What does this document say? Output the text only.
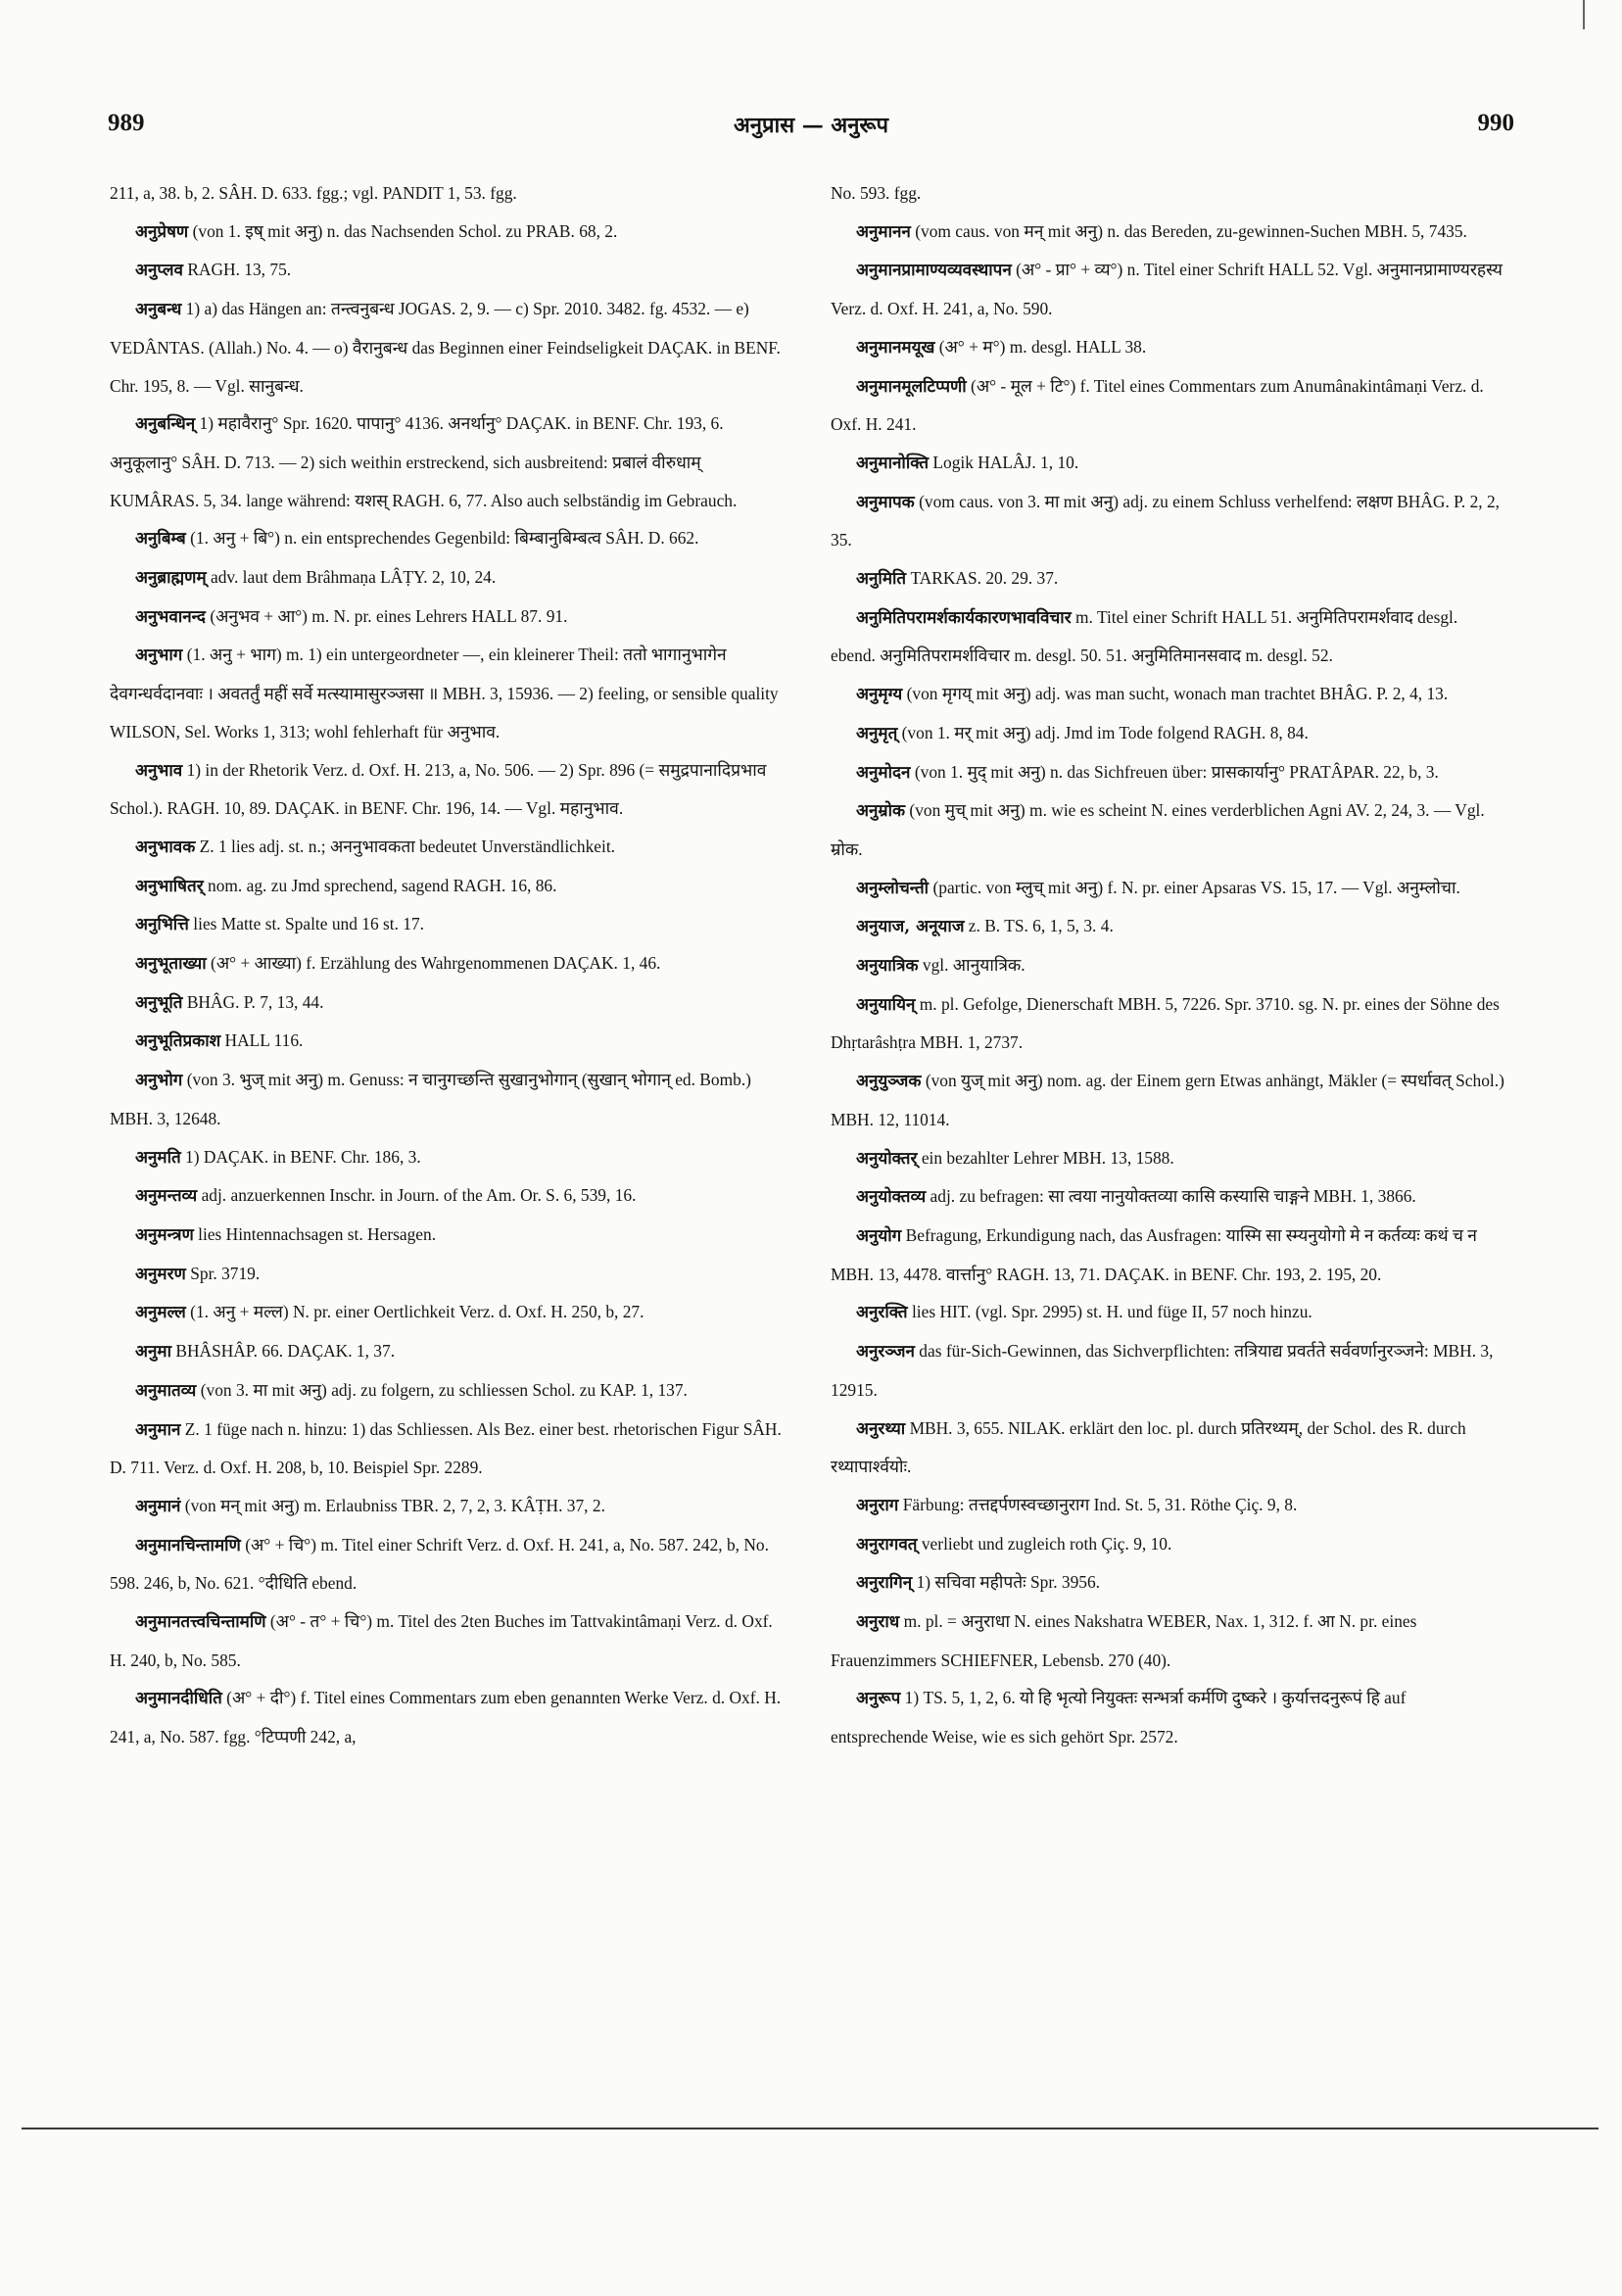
989	अनुप्रास — अनुरूप	990

211, a, 38. b, 2. SÂH. D. 633. fgg.; vgl. PANDIT 1, 53. fgg.

अनुप्रेषण (von 1. इष् mit अनु) n. das Nachsenden Schol. zu PRAB. 68, 2.

अनुप्लव RAGH. 13, 75.

अनुबन्ध 1) a) das Hängen an: तन्त्वनुबन्ध JOGAS. 2, 9. — c) Spr. 2010. 3482. fg. 4532. — e) VEDÂNTAS. (Allah.) No. 4. — o) वैरानुबन्ध das Beginnen einer Feindseligkeit DAÇAK. in BENF. Chr. 195, 8. — Vgl. सानुबन्ध.

अनुबन्धिन् 1) महावैरानु° Spr. 1620. पापानु° 4136. अनर्थानु° DAÇAK. in BENF. Chr. 193, 6. अनुकूलानु° SÂH. D. 713. — 2) sich weithin erstreckend, sich ausbreitend: प्रबालं वीरुधाम् KUMÂRAS. 5, 34. lange während: यशस् RAGH. 6, 77. Also auch selbständig im Gebrauch.

अनुबिम्ब (1. अनु + बि°) n. ein entsprechendes Gegenbild: बिम्बानुबिम्बत्व SÂH. D. 662.

अनुब्राह्मणम् adv. laut dem Brâhmaṇa LÂṬY. 2, 10, 24.

अनुभवानन्द (अनुभव + आ°) m. N. pr. eines Lehrers HALL 87. 91.

अनुभाग (1. अनु + भाग) m. 1) ein untergeordneter —, ein kleinerer Theil: ततो भागानुभागेन देवगन्धर्वदानवाः । अवतर्तुं महीं सर्वे मत्स्यामासुरञ्जसा ॥ MBH. 3, 15936. — 2) feeling, or sensible quality WILSON, Sel. Works 1, 313; wohl fehlerhaft für अनुभाव.

अनुभाव 1) in der Rhetorik Verz. d. Oxf. H. 213, a, No. 506. — 2) Spr. 896 (= समुद्रपानादिप्रभाव Schol.). RAGH. 10, 89. DAÇAK. in BENF. Chr. 196, 14. — Vgl. महानुभाव.

अनुभावक Z. 1 lies adj. st. n.; अननुभावकता bedeutet Unverständlichkeit.

अनुभाषितर् nom. ag. zu Jmd sprechend, sagend RAGH. 16, 86.

अनुभित्ति lies Matte st. Spalte und 16 st. 17.

अनुभूताख्या (अ° + आख्या) f. Erzählung des Wahrgenommenen DAÇAK. 1, 46.

अनुभूति BHÂG. P. 7, 13, 44.

अनुभूतिप्रकाश HALL 116.

अनुभोग (von 3. भुज् mit अनु) m. Genuss: न चानुगच्छन्ति सुखानुभोगान् (सुखान् भोगान् ed. Bomb.) MBH. 3, 12648.

अनुमति 1) DAÇAK. in BENF. Chr. 186, 3.

अनुमन्तव्य adj. anzuerkennen Inschr. in Journ. of the Am. Or. S. 6, 539, 16.

अनुमन्त्रण lies Hintennachsagen st. Hersagen.

अनुमरण Spr. 3719.

अनुमल्ल (1. अनु + मल्ल) N. pr. einer Oertlichkeit Verz. d. Oxf. H. 250, b, 27.

अनुमा BHÂSHÂP. 66. DAÇAK. 1, 37.

अनुमातव्य (von 3. मा mit अनु) adj. zu folgern, zu schliessen Schol. zu KAP. 1, 137.

अनुमान Z. 1 füge nach n. hinzu: 1) das Schliessen. Als Bez. einer best. rhetorischen Figur SÂH. D. 711. Verz. d. Oxf. H. 208, b, 10. Beispiel Spr. 2289.

अनुमानं (von मन् mit अनु) m. Erlaubniss TBR. 2, 7, 2, 3. KÂṬH. 37, 2.

अनुमानचिन्तामणि (अ° + चि°) m. Titel einer Schrift Verz. d. Oxf. H. 241, a, No. 587. 242, b, No. 598. 246, b, No. 621. °दीधिति ebend.

अनुमानतत्त्वचिन्तामणि (अ° - त° + चि°) m. Titel des 2ten Buches im Tattvakintâmaṇi Verz. d. Oxf. H. 240, b, No. 585.

अनुमानदीधिति (अ° + दी°) f. Titel eines Commentars zum eben genannten Werke Verz. d. Oxf. H. 241, a, No. 587. fgg. °टिप्पणी 242, a,

No. 593. fgg.

अनुमानन (vom caus. von मन् mit अनु) n. das Bereden, zu-gewinnen-Suchen MBH. 5, 7435.

अनुमानप्रामाण्यव्यवस्थापन (अ° - प्रा° + व्य°) n. Titel einer Schrift HALL 52. Vgl. अनुमानप्रामाण्यरहस्य Verz. d. Oxf. H. 241, a, No. 590.

अनुमानमयूख (अ° + म°) m. desgl. HALL 38.

अनुमानमूलटिप्पणी (अ° - मूल + टि°) f. Titel eines Commentars zum Anumânakintâmaṇi Verz. d. Oxf. H. 241.

अनुमानोक्ति Logik HALÂJ. 1, 10.

अनुमापक (vom caus. von 3. मा mit अनु) adj. zu einem Schluss verhelfend: लक्षण BHÂG. P. 2, 2, 35.

अनुमिति TARKAS. 20. 29. 37.

अनुमितिपरामर्शकार्यकारणभावविचार m. Titel einer Schrift HALL 51. अनुमितिपरामर्शवाद desgl. ebend. अनुमितिपरामर्शविचार m. desgl. 50. 51. अनुमितिमानसवाद m. desgl. 52.

अनुमृग्य (von मृगय् mit अनु) adj. was man sucht, wonach man trachtet BHÂG. P. 2, 4, 13.

अनुमृत् (von 1. मर् mit अनु) adj. Jmd im Tode folgend RAGH. 8, 84.

अनुमोदन (von 1. मुद् mit अनु) n. das Sichfreuen über: प्रासकार्यानु° PRATÂPAR. 22, b, 3.

अनुम्रोक (von मुच् mit अनु) m. wie es scheint N. eines verderblichen Agni AV. 2, 24, 3. — Vgl. म्रोक.

अनुम्लोचन्ती (partic. von म्लुच् mit अनु) f. N. pr. einer Apsaras VS. 15, 17. — Vgl. अनुम्लोचा.

अनुयाज, अनूयाज z. B. TS. 6, 1, 5, 3. 4.

अनुयात्रिक vgl. आनुयात्रिक.

अनुयायिन् m. pl. Gefolge, Dienerschaft MBH. 5, 7226. Spr. 3710. sg. N. pr. eines der Söhne des Dhṛtarâshṭra MBH. 1, 2737.

अनुयुञ्जक (von युज् mit अनु) nom. ag. der Einem gern Etwas anhängt, Mäkler (= स्पर्धावत् Schol.) MBH. 12, 11014.

अनुयोक्तर् ein bezahlter Lehrer MBH. 13, 1588.

अनुयोक्तव्य adj. zu befragen: सा त्वया नानुयोक्तव्या कासि कस्यासि चाङ्गने MBH. 1, 3866.

अनुयोग Befragung, Erkundigung nach, das Ausfragen: यास्मि सा स्म्यनुयोगो मे न कर्तव्यः कथं च न MBH. 13, 4478. वार्त्तानु° RAGH. 13, 71. DAÇAK. in BENF. Chr. 193, 2. 195, 20.

अनुरक्ति lies HIT. (vgl. Spr. 2995) st. H. und füge II, 57 noch hinzu.

अनुरञ्जन das für-Sich-Gewinnen, das Sichverpflichten: तत्रियाद्य प्रवर्तते सर्ववर्णानुरञ्जने: MBH. 3, 12915.

अनुरथ्या MBH. 3, 655. NILAK. erklärt den loc. pl. durch प्रतिरथ्यम्, der Schol. des R. durch रथ्यापार्श्वयोः.

अनुराग Färbung: तत्तद्दर्पणस्वच्छानुराग Ind. St. 5, 31. Röthe Çiç. 9, 8.

अनुरागवत् verliebt und zugleich roth Çiç. 9, 10.

अनुरागिन् 1) सचिवा महीपतेः Spr. 3956.

अनुराध m. pl. = अनुराधा N. eines Nakshatra WEBER, Nax. 1, 312. f. आ N. pr. eines Frauenzimmers SCHIEFNER, Lebensb. 270 (40).

अनुरूप 1) TS. 5, 1, 2, 6. यो हि भृत्यो नियुक्तः सन्भर्त्रा कर्मणि दुष्करे । कुर्यात्तदनुरूपं हि auf entsprechende Weise, wie es sich gehört Spr. 2572.
